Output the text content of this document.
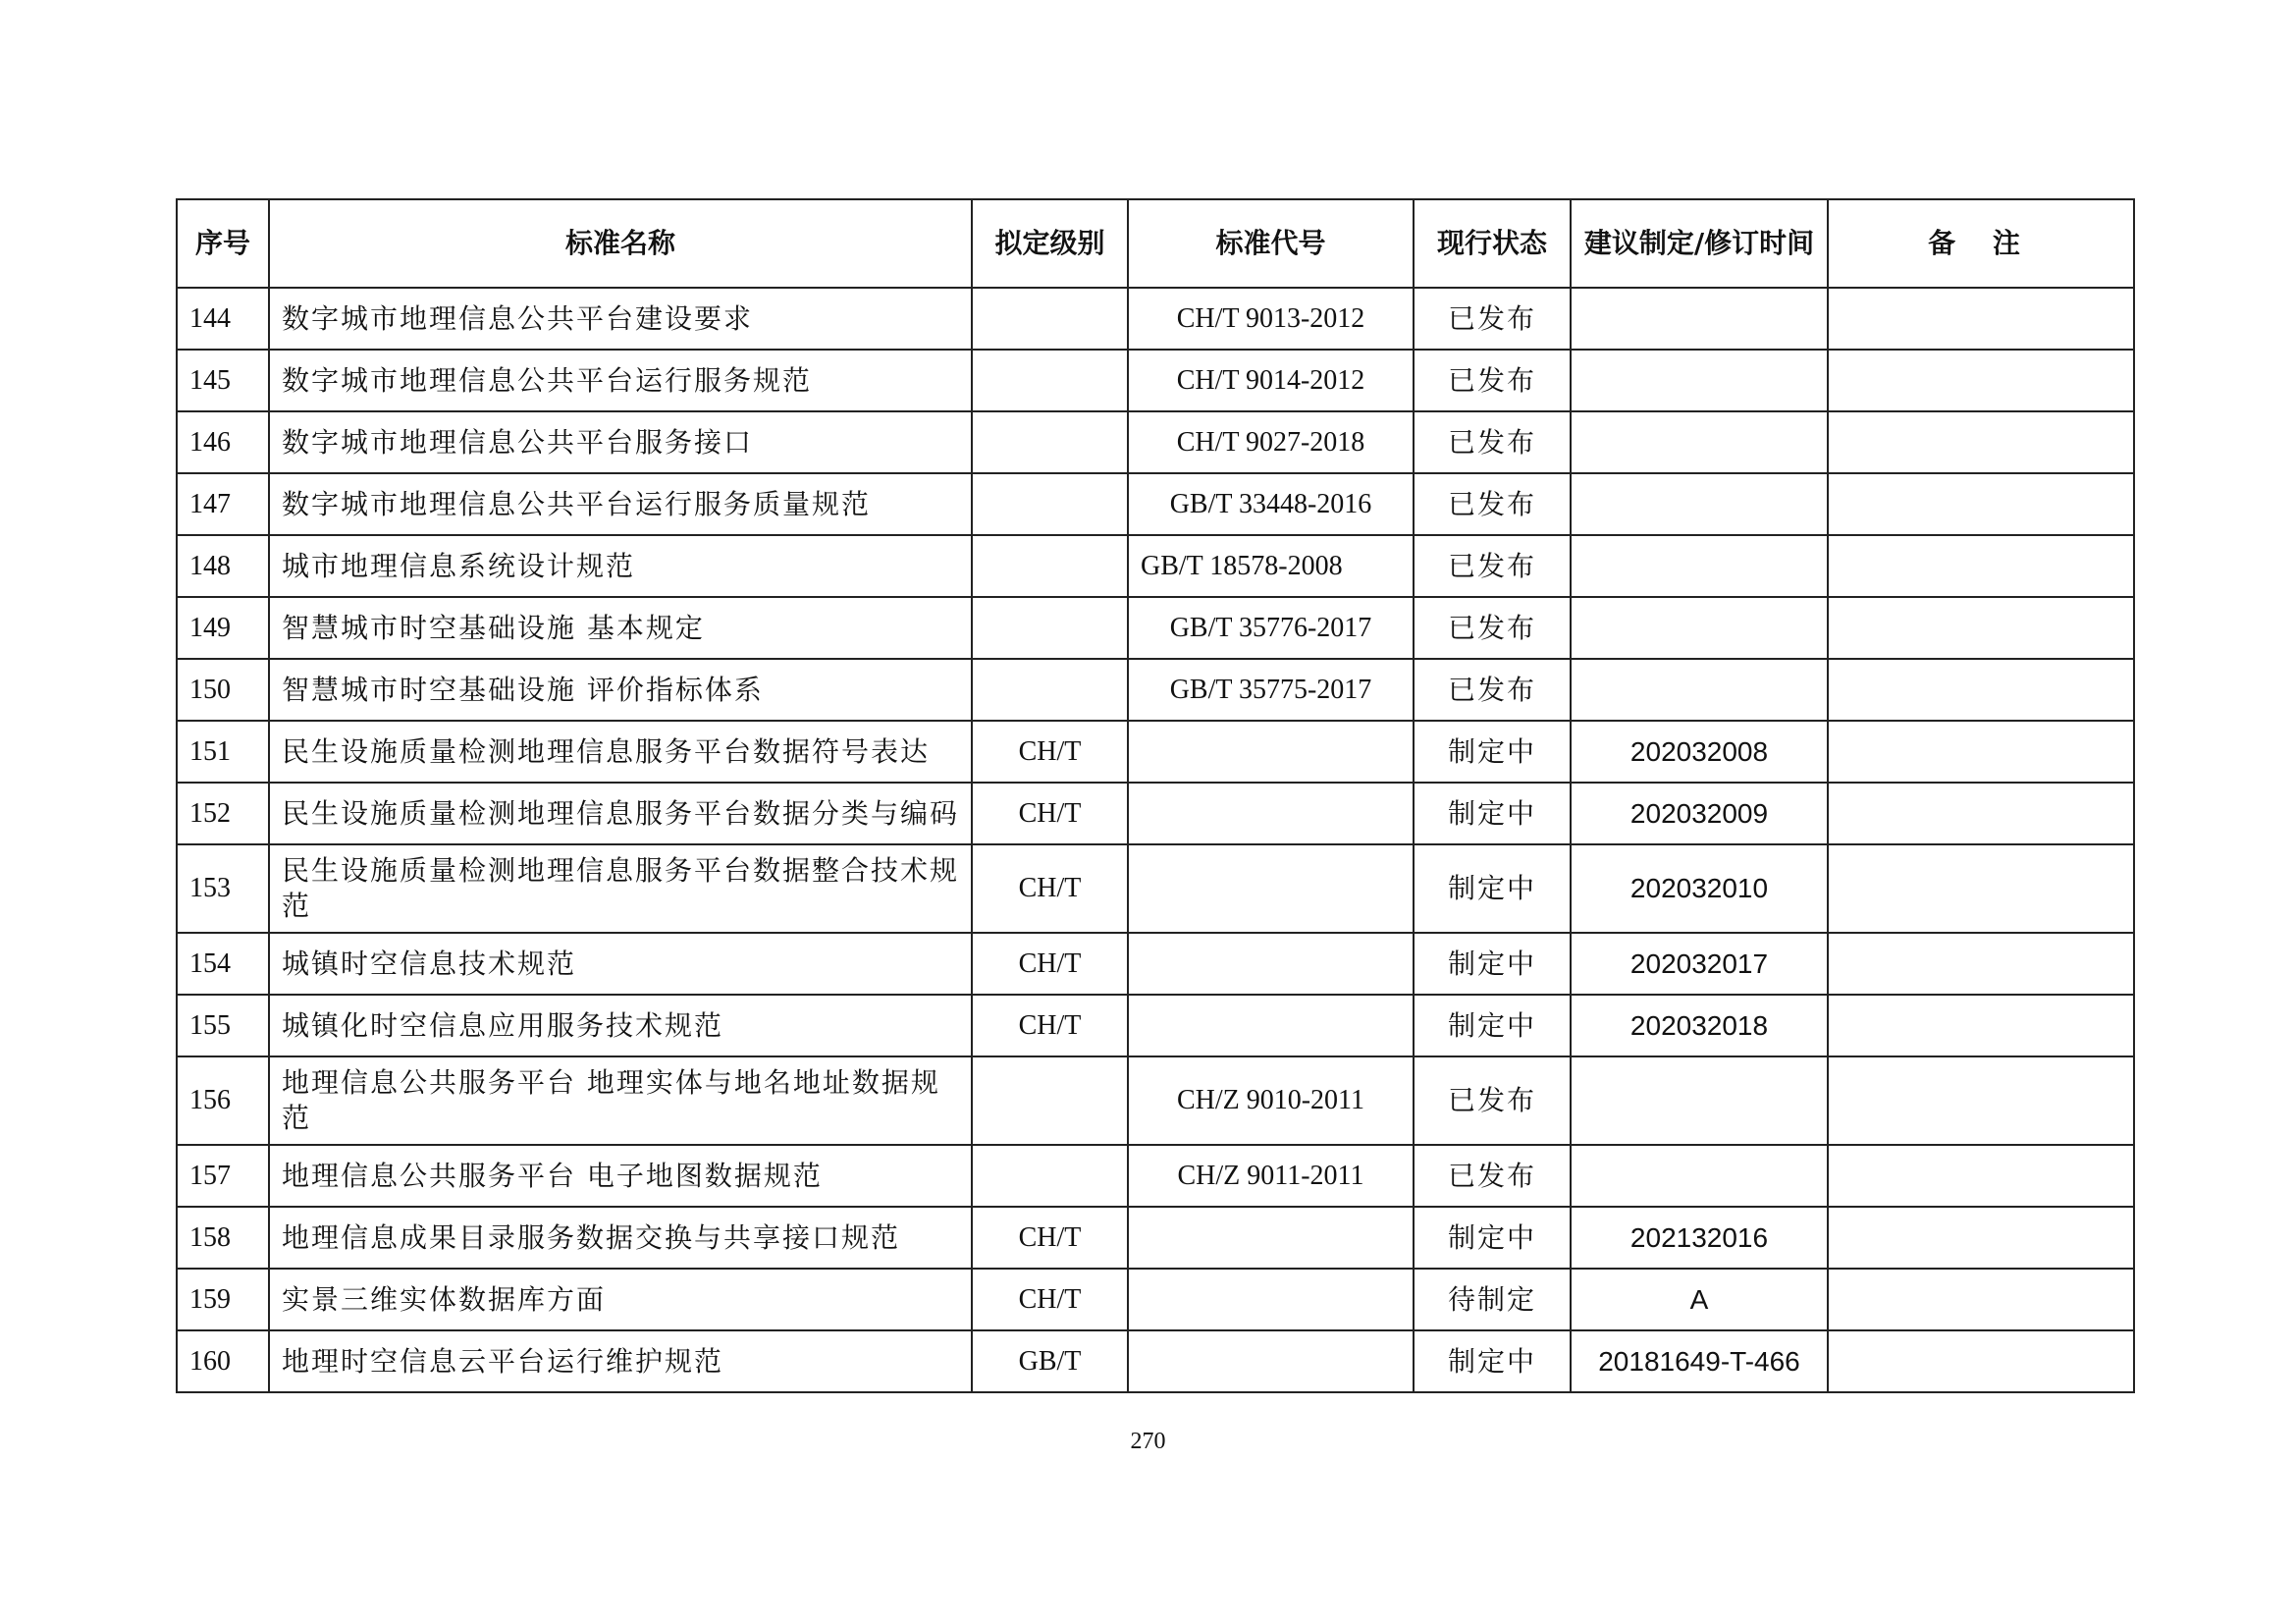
序号	标准名称	拟定级别	标准代号	现行状态	建议制定/修订时间	备 注
144	数字城市地理信息公共平台建设要求		CH/T 9013-2012	已发布		
145	数字城市地理信息公共平台运行服务规范		CH/T 9014-2012	已发布		
146	数字城市地理信息公共平台服务接口		CH/T 9027-2018	已发布		
147	数字城市地理信息公共平台运行服务质量规范		GB/T 33448-2016	已发布		
148	城市地理信息系统设计规范		GB/T 18578-2008	已发布		
149	智慧城市时空基础设施 基本规定		GB/T 35776-2017	已发布		
150	智慧城市时空基础设施 评价指标体系		GB/T 35775-2017	已发布		
151	民生设施质量检测地理信息服务平台数据符号表达	CH/T		制定中	202032008	
152	民生设施质量检测地理信息服务平台数据分类与编码	CH/T		制定中	202032009	
153	民生设施质量检测地理信息服务平台数据整合技术规范	CH/T		制定中	202032010	
154	城镇时空信息技术规范	CH/T		制定中	202032017	
155	城镇化时空信息应用服务技术规范	CH/T		制定中	202032018	
156	地理信息公共服务平台 地理实体与地名地址数据规范		CH/Z 9010-2011	已发布		
157	地理信息公共服务平台 电子地图数据规范		CH/Z 9011-2011	已发布		
158	地理信息成果目录服务数据交换与共享接口规范	CH/T		制定中	202132016	
159	实景三维实体数据库方面	CH/T		待制定	A	
160	地理时空信息云平台运行维护规范	GB/T		制定中	20181649-T-466	
270
